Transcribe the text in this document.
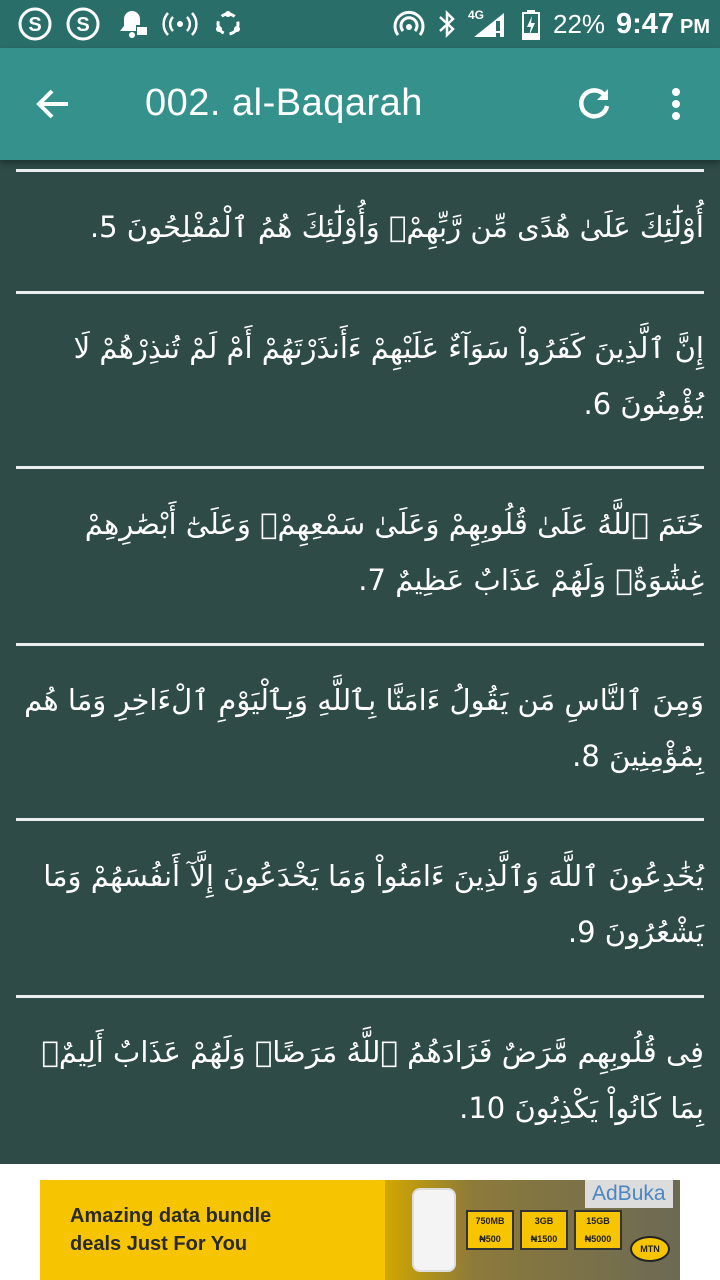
S S	4G	22% 9:47 PM
002. al-Baqarah
أُوْلَٰٓئِكَ عَلَىٰ هُدًى مِّن رَّبِّهِمْۖ وَأُوْلَٰٓئِكَ هُمُ ٱلْمُفْلِحُونَ 5.
إِنَّ ٱلَّذِينَ كَفَرُواْ سَوَآءٌ عَلَيْهِمْ ءَأَنذَرْتَهُمْ أَمْ لَمْ تُنذِرْهُمْ لَا يُؤْمِنُونَ 6.
خَتَمَ ٱللَّهُ عَلَىٰ قُلُوبِهِمْ وَعَلَىٰ سَمْعِهِمْۖ وَعَلَىٰٓ أَبْصَٰرِهِمْ غِشَٰوَةٌۖ وَلَهُمْ عَذَابٌ عَظِيمٌ 7.
وَمِنَ ٱلنَّاسِ مَن يَقُولُ ءَامَنَّا بِٱللَّهِ وَبِٱلْيَوْمِ ٱلْءَاخِرِ وَمَا هُم بِمُؤْمِنِينَ 8.
يُخَٰدِعُونَ ٱللَّهَ وَٱلَّذِينَ ءَامَنُواْ وَمَا يَخْدَعُونَ إِلَّآ أَنفُسَهُمْ وَمَا يَشْعُرُونَ 9.
فِى قُلُوبِهِم مَّرَضٌ فَزَادَهُمُ ٱللَّهُ مَرَضًاۖ وَلَهُمْ عَذَابٌ أَلِيمٌۢ بِمَا كَانُواْ يَكْذِبُونَ 10.
Amazing data bundle
deals Just For You
750MB
₦500
3GB
₦1500
15GB
₦5000
MTN
AdBuka
